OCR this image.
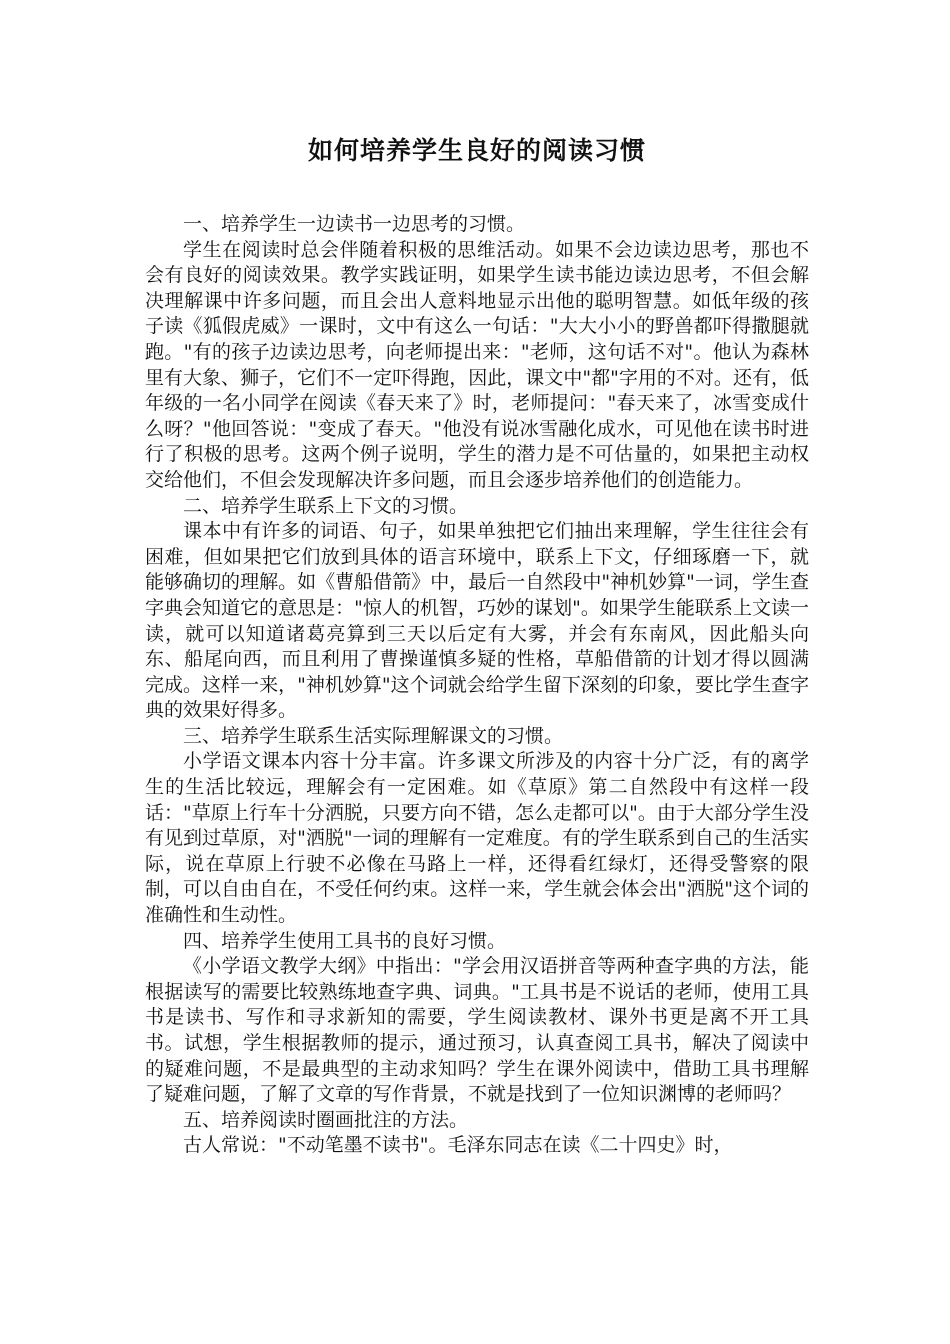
如何培养学生良好的阅读习惯

一、培养学生一边读书一边思考的习惯。

学生在阅读时总会伴随着积极的思维活动。如果不会边读边思考，那也不会有良好的阅读效果。教学实践证明，如果学生读书能边读边思考，不但会解决理解课中许多问题，而且会出人意料地显示出他的聪明智慧。如低年级的孩子读《狐假虎威》一课时，文中有这么一句话："大大小小的野兽都吓得撒腿就跑。"有的孩子边读边思考，向老师提出来："老师，这句话不对"。他认为森林里有大象、狮子，它们不一定吓得跑，因此，课文中"都"字用的不对。还有，低年级的一名小同学在阅读《春天来了》时，老师提问："春天来了，冰雪变成什么呀？"他回答说："变成了春天。"他没有说冰雪融化成水，可见他在读书时进行了积极的思考。这两个例子说明，学生的潜力是不可估量的，如果把主动权交给他们，不但会发现解决许多问题，而且会逐步培养他们的创造能力。

二、培养学生联系上下文的习惯。

课本中有许多的词语、句子，如果单独把它们抽出来理解，学生往往会有困难，但如果把它们放到具体的语言环境中，联系上下文，仔细琢磨一下，就能够确切的理解。如《曹船借箭》中，最后一自然段中"神机妙算"一词，学生查字典会知道它的意思是："惊人的机智，巧妙的谋划"。如果学生能联系上文读一读，就可以知道诸葛亮算到三天以后定有大雾，并会有东南风，因此船头向东、船尾向西，而且利用了曹操谨慎多疑的性格，草船借箭的计划才得以圆满完成。这样一来，"神机妙算"这个词就会给学生留下深刻的印象，要比学生查字典的效果好得多。

三、培养学生联系生活实际理解课文的习惯。

小学语文课本内容十分丰富。许多课文所涉及的内容十分广泛，有的离学生的生活比较远，理解会有一定困难。如《草原》第二自然段中有这样一段话："草原上行车十分洒脱，只要方向不错，怎么走都可以"。由于大部分学生没有见到过草原，对"洒脱"一词的理解有一定难度。有的学生联系到自己的生活实际，说在草原上行驶不必像在马路上一样，还得看红绿灯，还得受警察的限制，可以自由自在，不受任何约束。这样一来，学生就会体会出"洒脱"这个词的准确性和生动性。

四、培养学生使用工具书的良好习惯。

《小学语文教学大纲》中指出："学会用汉语拼音等两种查字典的方法，能根据读写的需要比较熟练地查字典、词典。"工具书是不说话的老师，使用工具书是读书、写作和寻求新知的需要，学生阅读教材、课外书更是离不开工具书。试想，学生根据教师的提示，通过预习，认真查阅工具书，解决了阅读中的疑难问题，不是最典型的主动求知吗？学生在课外阅读中，借助工具书理解了疑难问题，了解了文章的写作背景，不就是找到了一位知识渊博的老师吗？

五、培养阅读时圈画批注的方法。

古人常说："不动笔墨不读书"。毛泽东同志在读《二十四史》时，
